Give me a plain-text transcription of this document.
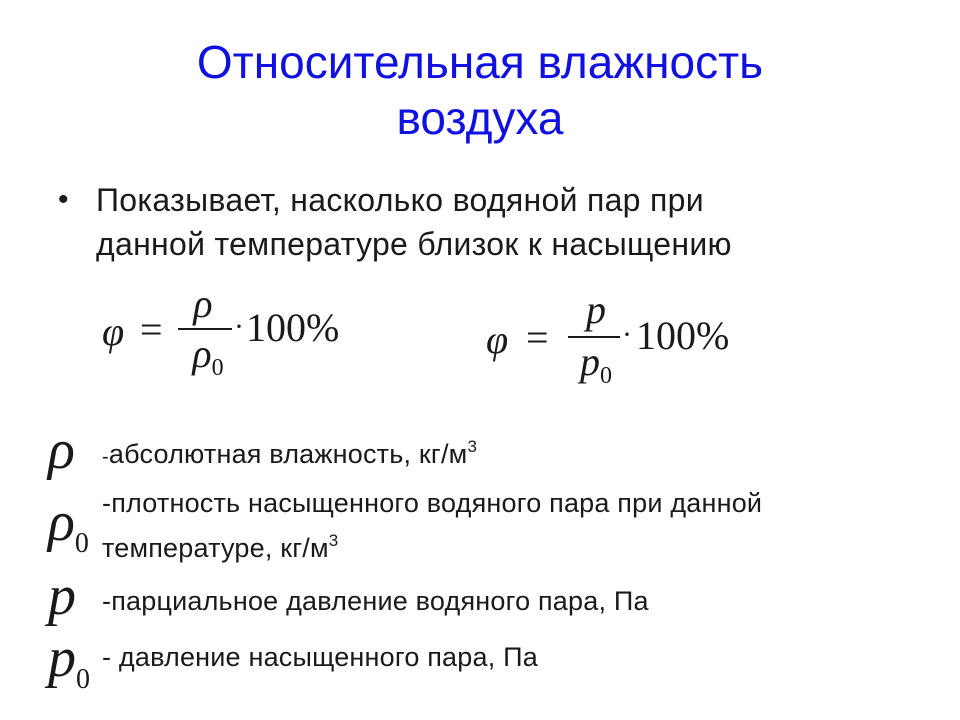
Относительная влажность
воздуха
• Показывает, насколько водяной пар при
данной температуре близок к насыщению
φ =
ρ
$\rho_0$
· 100%	φ =
p
$p_0$
· 100%
ρ -абсолютная влажность, $кг/м^3$
$\rho_0$
-плотность насыщенного водяного пара при данной
температуре, $кг/м^3$
p -парциальное давление водяного пара, Па
$p_0$
- давление насыщенного пара, Па
